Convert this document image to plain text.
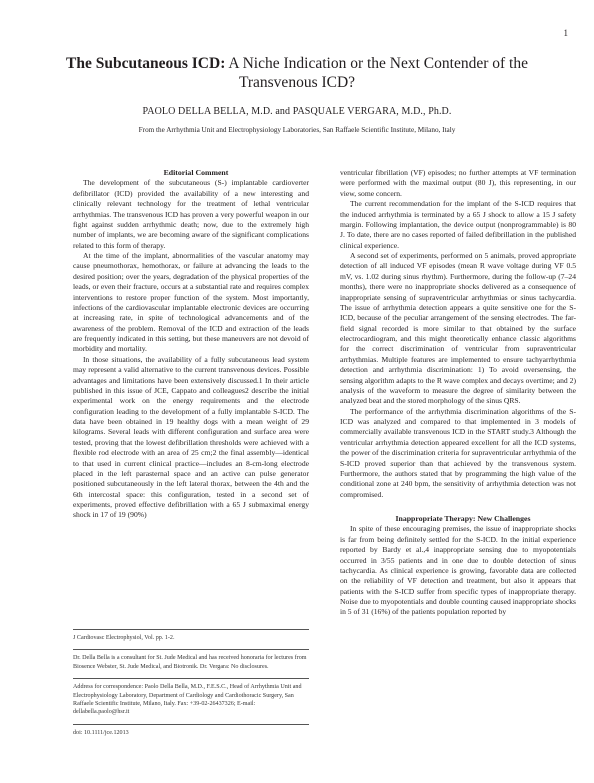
1
The Subcutaneous ICD: A Niche Indication or the Next Contender of the Transvenous ICD?
PAOLO DELLA BELLA, M.D. and PASQUALE VERGARA, M.D., Ph.D.
From the Arrhythmia Unit and Electrophysiology Laboratories, San Raffaele Scientific Institute, Milano, Italy

Editorial Comment

The development of the subcutaneous (S-) implantable cardioverter defibrillator (ICD) provided the availability of a new interesting and clinically relevant technology for the treatment of lethal ventricular arrhythmias. The transvenous ICD has proven a very powerful weapon in our fight against sudden arrhythmic death; now, due to the extremely high number of implants, we are becoming aware of the significant complications related to this form of therapy.

At the time of the implant, abnormalities of the vascular anatomy may cause pneumothorax, hemothorax, or failure at advancing the leads to the desired position; over the years, degradation of the physical properties of the leads, or even their fracture, occurs at a substantial rate and requires complex interventions to restore proper function of the system. Most importantly, infections of the cardiovascular implantable electronic devices are occurring at increasing rate, in spite of technological advancements and of the awareness of the problem. Removal of the ICD and extraction of the leads are frequently indicated in this setting, but these maneuvers are not devoid of morbidity and mortality.

In those situations, the availability of a fully subcutaneous lead system may represent a valid alternative to the current transvenous devices. Possible advantages and limitations have been extensively discussed.1 In their article published in this issue of JCE, Cappato and colleagues2 describe the initial experimental work on the energy requirements and the electrode configuration leading to the development of a fully implantable S-ICD. The data have been obtained in 19 healthy dogs with a mean weight of 29 kilograms. Several leads with different configuration and surface area were tested, proving that the lowest defibrillation thresholds were achieved with a flexible rod electrode with an area of 25 cm;2 the final assembly—identical to that used in current clinical practice—includes an 8-cm-long electrode placed in the left parasternal space and an active can pulse generator positioned subcutaneously in the left lateral thorax, between the 4th and the 6th intercostal space: this configuration, tested in a second set of experiments, proved effective defibrillation with a 65 J submaximal energy shock in 17 of 19 (90%)

ventricular fibrillation (VF) episodes; no further attempts at VF termination were performed with the maximal output (80 J), this representing, in our view, some concern.

The current recommendation for the implant of the S-ICD requires that the induced arrhythmia is terminated by a 65 J shock to allow a 15 J safety margin. Following implantation, the device output (nonprogrammable) is 80 J. To date, there are no cases reported of failed defibrillation in the published clinical experience.

A second set of experiments, performed on 5 animals, proved appropriate detection of all induced VF episodes (mean R wave voltage during VF 0.5 mV, vs. 1.02 during sinus rhythm). Furthermore, during the follow-up (7–24 months), there were no inappropriate shocks delivered as a consequence of inappropriate sensing of supraventricular arrhythmias or sinus tachycardia. The issue of arrhythmia detection appears a quite sensitive one for the S-ICD, because of the peculiar arrangement of the sensing electrodes. The far-field signal recorded is more similar to that obtained by the surface electrocardiogram, and this might theoretically enhance classic algorithms for the correct discrimination of ventricular from supraventricular arrhythmias. Multiple features are implemented to ensure tachyarrhythmia detection and arrhythmia discrimination: 1) To avoid oversensing, the sensing algorithm adapts to the R wave complex and decays overtime; and 2) analysis of the waveform to measure the degree of similarity between the analyzed beat and the stored morphology of the sinus QRS.

The performance of the arrhythmia discrimination algorithms of the S-ICD was analyzed and compared to that implemented in 3 models of commercially available transvenous ICD in the START study.3 Although the ventricular arrhythmia detection appeared excellent for all the ICD systems, the power of the discrimination criteria for supraventricular arrhythmia of the S-ICD proved superior than that achieved by the transvenous system. Furthermore, the authors stated that by programming the high value of the conditional zone at 240 bpm, the sensitivity of arrhythmia detection was not compromised.

Inappropriate Therapy: New Challenges

In spite of these encouraging premises, the issue of inappropriate shocks is far from being definitely settled for the S-ICD. In the initial experience reported by Bardy et al.,4 inappropriate sensing due to myopotentials occurred in 3/55 patients and in one due to double detection of sinus tachycardia. As clinical experience is growing, favorable data are collected on the reliability of VF detection and treatment, but also it appears that patients with the S-ICD suffer from specific types of inappropriate therapy. Noise due to myopotentials and double counting caused inappropriate shocks in 5 of 31 (16%) of the patients population reported by

J Cardiovasc Electrophysiol, Vol. pp. 1-2.
Dr. Della Bella is a consultant for St. Jude Medical and has received honoraria for lectures from Biosence Webster, St. Jude Medical, and Biotronik. Dr. Vergara: No disclosures.
Address for correspondence: Paolo Della Bella, M.D., F.E.S.C., Head of Arrhythmia Unit and Electrophysiology Laboratory, Department of Cardiology and Cardiothoracic Surgery, San Raffaele Scientific Institute, Milano, Italy. Fax: +39-02-26437326; E-mail: dellabella.paolo@hsr.it
doi: 10.1111/jce.12013
